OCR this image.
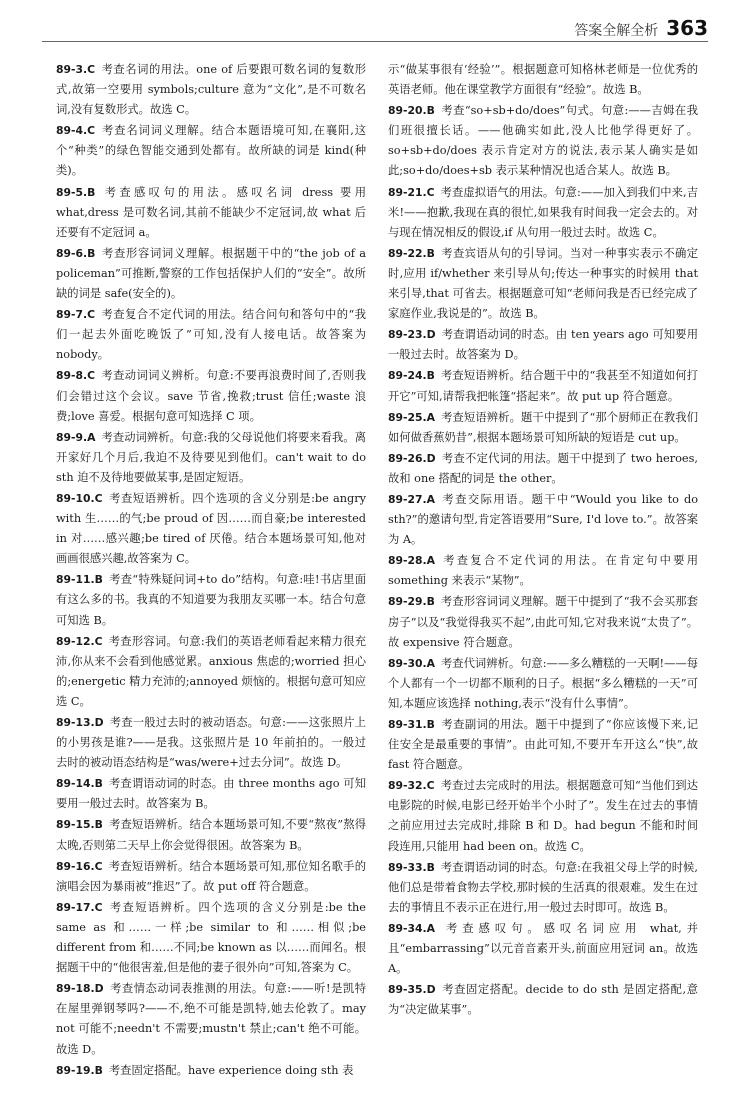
答案全解全析 363
89-3.C 考查名词的用法。one of 后要跟可数名词的复数形式,故第一空要用 symbols;culture 意为“文化”,是不可数名词,没有复数形式。故选 C。
89-4.C 考查名词词义理解。结合本题语境可知,在襄阳,这个“种类”的绿色智能交通到处都有。故所缺的词是 kind(种类)。
89-5.B 考查感叹句的用法。感叹名词 dress 要用 what,dress 是可数名词,其前不能缺少不定冠词,故 what 后还要有不定冠词 a。
89-6.B 考查形容词词义理解。根据题干中的“the job of a policeman”可推断,警察的工作包括保护人们的“安全”。故所缺的词是 safe(安全的)。
89-7.C 考查复合不定代词的用法。结合问句和答句中的“我们一起去外面吃晚饭了”可知,没有人接电话。故答案为 nobody。
89-8.C 考查动词词义辨析。句意:不要再浪费时间了,否则我们会错过这个会议。save 节省,挽救;trust 信任;waste 浪费;love 喜爱。根据句意可知选择 C 项。
89-9.A 考查动词辨析。句意:我的父母说他们将要来看我。离开家好几个月后,我迫不及待要见到他们。can't wait to do sth 迫不及待地要做某事,是固定短语。
89-10.C 考查短语辨析。四个选项的含义分别是:be angry with 生……的气;be proud of 因……而自豪;be interested in 对……感兴趣;be tired of 厌倦。结合本题场景可知,他对画画很感兴趣,故答案为 C。
89-11.B 考查“特殊疑问词+to do”结构。句意:哇!书店里面有这么多的书。我真的不知道要为我朋友买哪一本。结合句意可知选 B。
89-12.C 考查形容词。句意:我们的英语老师看起来精力很充沛,你从来不会看到他感觉累。anxious 焦虑的;worried 担心的;energetic 精力充沛的;annoyed 烦恼的。根据句意可知应选 C。
89-13.D 考查一般过去时的被动语态。句意:——这张照片上的小男孩是谁?——是我。这张照片是 10 年前拍的。一般过去时的被动语态结构是“was/were+过去分词”。故选 D。
89-14.B 考查谓语动词的时态。由 three months ago 可知要用一般过去时。故答案为 B。
89-15.B 考查短语辨析。结合本题场景可知,不要“熬夜”熬得太晚,否则第二天早上你会觉得很困。故答案为 B。
89-16.C 考查短语辨析。结合本题场景可知,那位知名歌手的演唱会因为暴雨被“推迟”了。故 put off 符合题意。
89-17.C 考查短语辨析。四个选项的含义分别是:be the same as 和……一样;be similar to 和……相似;be different from 和……不同;be known as 以……而闻名。根据题干中的“他很害羞,但是他的妻子很外向”可知,答案为 C。
89-18.D 考查情态动词表推测的用法。句意:——听!是凯特在屋里弹钢琴吗?——不,绝不可能是凯特,她去伦敦了。may not 可能不;needn't 不需要;mustn't 禁止;can't 绝不可能。故选 D。
89-19.B 考查固定搭配。have experience doing sth 表
示“做某事很有‘经验’”。根据题意可知格林老师是一位优秀的英语老师。他在课堂教学方面很有“经验”。故选 B。
89-20.B 考查“so+sb+do/does”句式。句意:——吉姆在我们班很擅长话。——他确实如此,没人比他学得更好了。so+sb+do/does 表示肯定对方的说法,表示某人确实是如此;so+do/does+sb 表示某种情况也适合某人。故选 B。
89-21.C 考查虚拟语气的用法。句意:——加入到我们中来,吉米!——抱歉,我现在真的很忙,如果我有时间我一定会去的。对与现在情况相反的假设,if 从句用一般过去时。故选 C。
89-22.B 考查宾语从句的引导词。当对一种事实表示不确定时,应用 if/whether 来引导从句;传达一种事实的时候用 that 来引导,that 可省去。根据题意可知“老师问我是否已经完成了家庭作业,我说是的”。故选 B。
89-23.D 考查谓语动词的时态。由 ten years ago 可知要用一般过去时。故答案为 D。
89-24.B 考查短语辨析。结合题干中的“我甚至不知道如何打开它”可知,请帮我把帐篷“搭起来”。故 put up 符合题意。
89-25.A 考查短语辨析。题干中提到了“那个厨师正在教我们如何做香蕉奶昔”,根据本题场景可知所缺的短语是 cut up。
89-26.D 考查不定代词的用法。题干中提到了 two heroes,故和 one 搭配的词是 the other。
89-27.A 考查交际用语。题干中“Would you like to do sth?”的邀请句型,肯定答语要用“Sure, I'd love to.”。故答案为 A。
89-28.A 考查复合不定代词的用法。在肯定句中要用 something 来表示“某物”。
89-29.B 考查形容词词义理解。题干中提到了“我不会买那套房子”以及“我觉得我买不起”,由此可知,它对我来说“太贵了”。故 expensive 符合题意。
89-30.A 考查代词辨析。句意:——多么糟糕的一天啊!——每个人都有一个一切都不顺利的日子。根据“多么糟糕的一天”可知,本题应该选择 nothing,表示“没有什么事情”。
89-31.B 考查副词的用法。题干中提到了“你应该慢下来,记住安全是最重要的事情”。由此可知,不要开车开这么“快”,故 fast 符合题意。
89-32.C 考查过去完成时的用法。根据题意可知“当他们到达电影院的时候,电影已经开始半个小时了”。发生在过去的事情之前应用过去完成时,排除 B 和 D。had begun 不能和时间段连用,只能用 had been on。故选 C。
89-33.B 考查谓语动词的时态。句意:在我祖父母上学的时候,他们总是带着食物去学校,那时候的生活真的很艰难。发生在过去的事情且不表示正在进行,用一般过去时即可。故选 B。
89-34.A 考查感叹句。感叹名词应用 what,并且“embarrassing”以元音音素开头,前面应用冠词 an。故选 A。
89-35.D 考查固定搭配。decide to do sth 是固定搭配,意为“决定做某事”。
